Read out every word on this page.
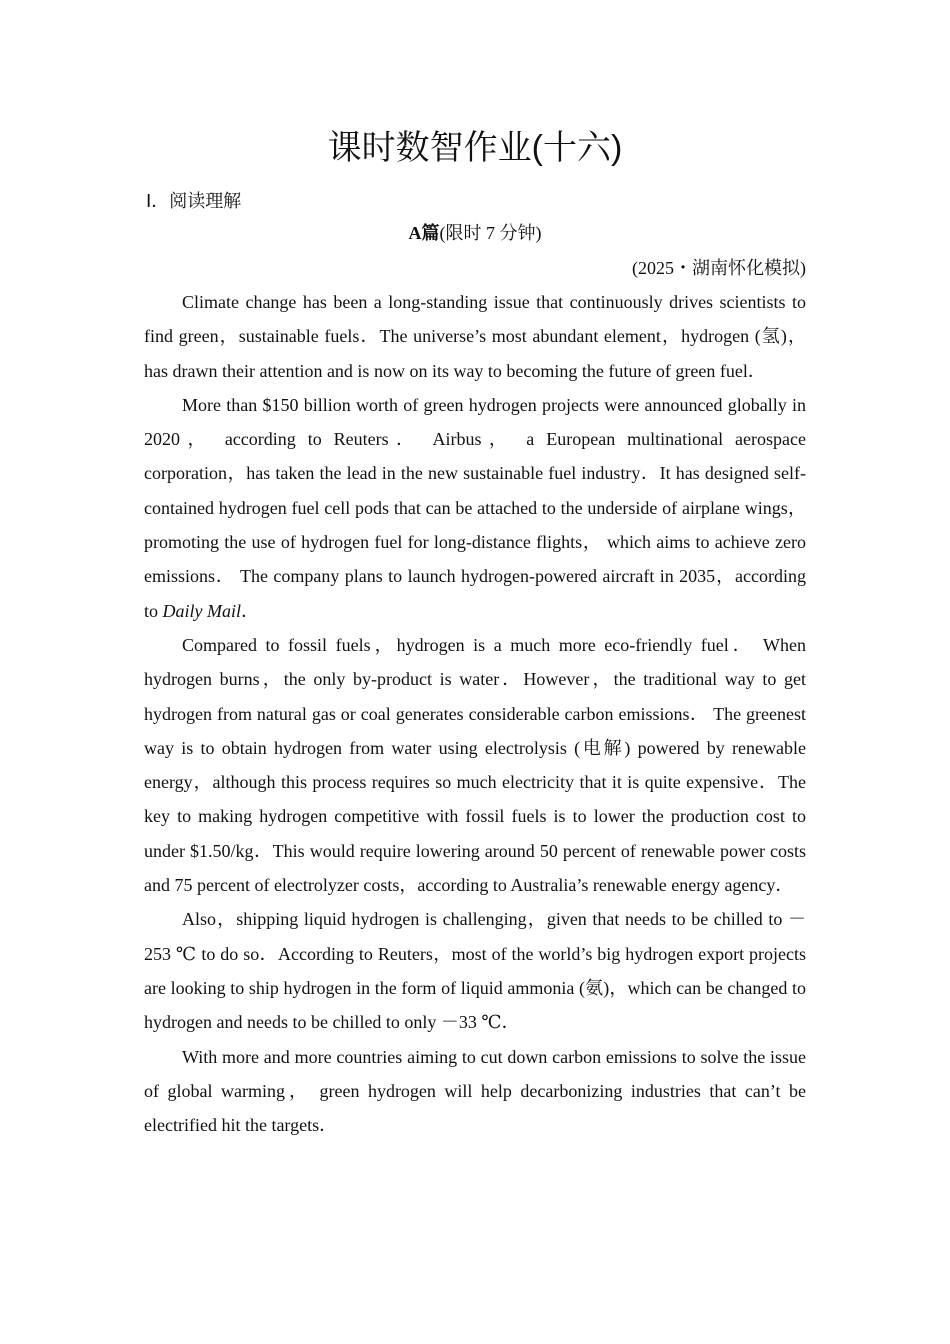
课时数智作业(十六)
Ⅰ．阅读理解
A篇(限时 7 分钟)
(2025・湖南怀化模拟)

Climate change has been a long-standing issue that continuously drives scientists to find green，sustainable fuels．The universe’s most abundant element，hydrogen (氢)，has drawn their attention and is now on its way to becoming the future of green fuel．

More than $150 billion worth of green hydrogen projects were announced globally in 2020， according to Reuters． Airbus， a European multinational aerospace corporation，has taken the lead in the new sustainable fuel industry．It has designed self-contained hydrogen fuel cell pods that can be attached to the underside of airplane wings， promoting the use of hydrogen fuel for long-distance flights， which aims to achieve zero emissions． The company plans to launch hydrogen-powered aircraft in 2035，according to Daily Mail．

Compared to fossil fuels，hydrogen is a much more eco-friendly fuel． When hydrogen burns，the only by-product is water．However，the traditional way to get hydrogen from natural gas or coal generates considerable carbon emissions． The greenest way is to obtain hydrogen from water using electrolysis (电解) powered by renewable energy，although this process requires so much electricity that it is quite expensive．The key to making hydrogen competitive with fossil fuels is to lower the production cost to under $1.50/kg．This would require lowering around 50 percent of renewable power costs and 75 percent of electrolyzer costs，according to Australia’s renewable energy agency．

Also，shipping liquid hydrogen is challenging，given that needs to be chilled to －253 ℃ to do so．According to Reuters，most of the world’s big hydrogen export projects are looking to ship hydrogen in the form of liquid ammonia (氨)，which can be changed to hydrogen and needs to be chilled to only －33 ℃．

With more and more countries aiming to cut down carbon emissions to solve the issue of global warming， green hydrogen will help decarbonizing industries that can’t be electrified hit the targets．
